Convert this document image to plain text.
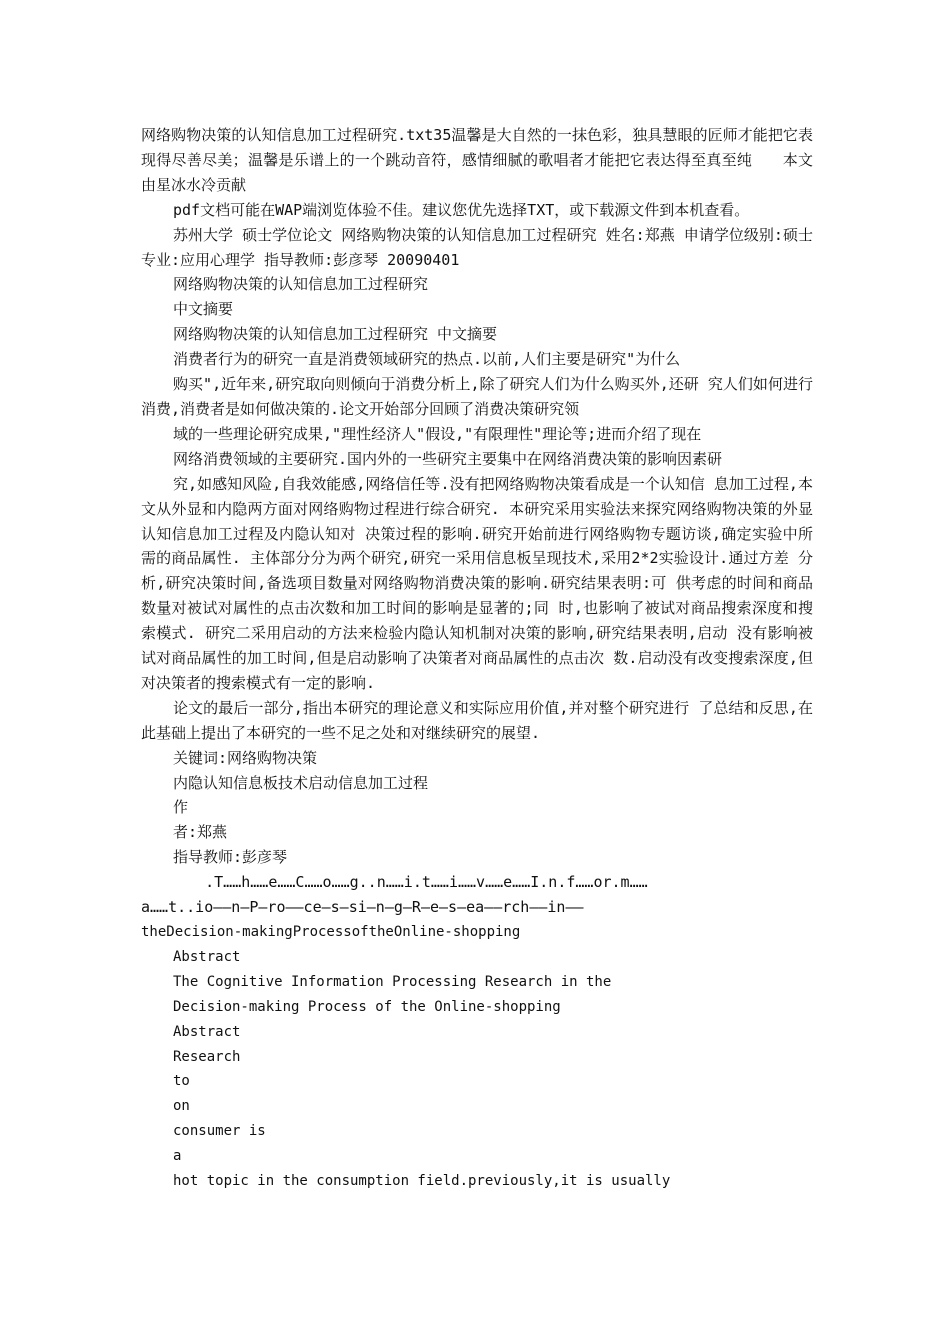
网络购物决策的认知信息加工过程研究.txt35温馨是大自然的一抹色彩，独具慧眼的匠师才能把它表现得尽善尽美；温馨是乐谱上的一个跳动音符，感情细腻的歌唱者才能把它表达得至真至纯　　本文由星冰水冷贡献

pdf文档可能在WAP端浏览体验不佳。建议您优先选择TXT，或下载源文件到本机查看。

苏州大学 硕士学位论文 网络购物决策的认知信息加工过程研究 姓名:郑燕 申请学位级别:硕士 专业:应用心理学 指导教师:彭彦琴 20090401

网络购物决策的认知信息加工过程研究

中文摘要

网络购物决策的认知信息加工过程研究 中文摘要

消费者行为的研究一直是消费领域研究的热点.以前,人们主要是研究"为什么

购买",近年来,研究取向则倾向于消费分析上,除了研究人们为什么购买外,还研 究人们如何进行消费,消费者是如何做决策的.论文开始部分回顾了消费决策研究领

域的一些理论研究成果,"理性经济人"假设,"有限理性"理论等;进而介绍了现在

网络消费领域的主要研究.国内外的一些研究主要集中在网络消费决策的影响因素研

究,如感知风险,自我效能感,网络信任等.没有把网络购物决策看成是一个认知信 息加工过程,本文从外显和内隐两方面对网络购物过程进行综合研究. 本研究采用实验法来探究网络购物决策的外显认知信息加工过程及内隐认知对 决策过程的影响.研究开始前进行网络购物专题访谈,确定实验中所需的商品属性. 主体部分分为两个研究,研究一采用信息板呈现技术,采用2*2实验设计.通过方差 分析,研究决策时间,备选项目数量对网络购物消费决策的影响.研究结果表明:可 供考虑的时间和商品数量对被试对属性的点击次数和加工时间的影响是显著的;同 时,也影响了被试对商品搜索深度和搜索模式. 研究二采用启动的方法来检验内隐认知机制对决策的影响,研究结果表明,启动 没有影响被试对商品属性的加工时间,但是启动影响了决策者对商品属性的点击次 数.启动没有改变搜索深度,但对决策者的搜索模式有一定的影响.

论文的最后一部分,指出本研究的理论意义和实际应用价值,并对整个研究进行 了总结和反思,在此基础上提出了本研究的一些不足之处和对继续研究的展望.

关键词:网络购物决策

内隐认知信息板技术启动信息加工过程

作

者:郑燕

指导教师:彭彦琴

.T……h……e……C……o……g..n……i.t……i……v……e……I.n.f……or.m……

a……t..io——n—P—ro——ce—s—si—n—g—R—e—s—ea——rch——in——

theDecision-makingProcessoftheOnline-shopping

Abstract

The Cognitive Information Processing Research in the

Decision-making Process of the Online-shopping

Abstract

Research

to

on

consumer is

a

hot topic in the consumption field.previously,it is usually
